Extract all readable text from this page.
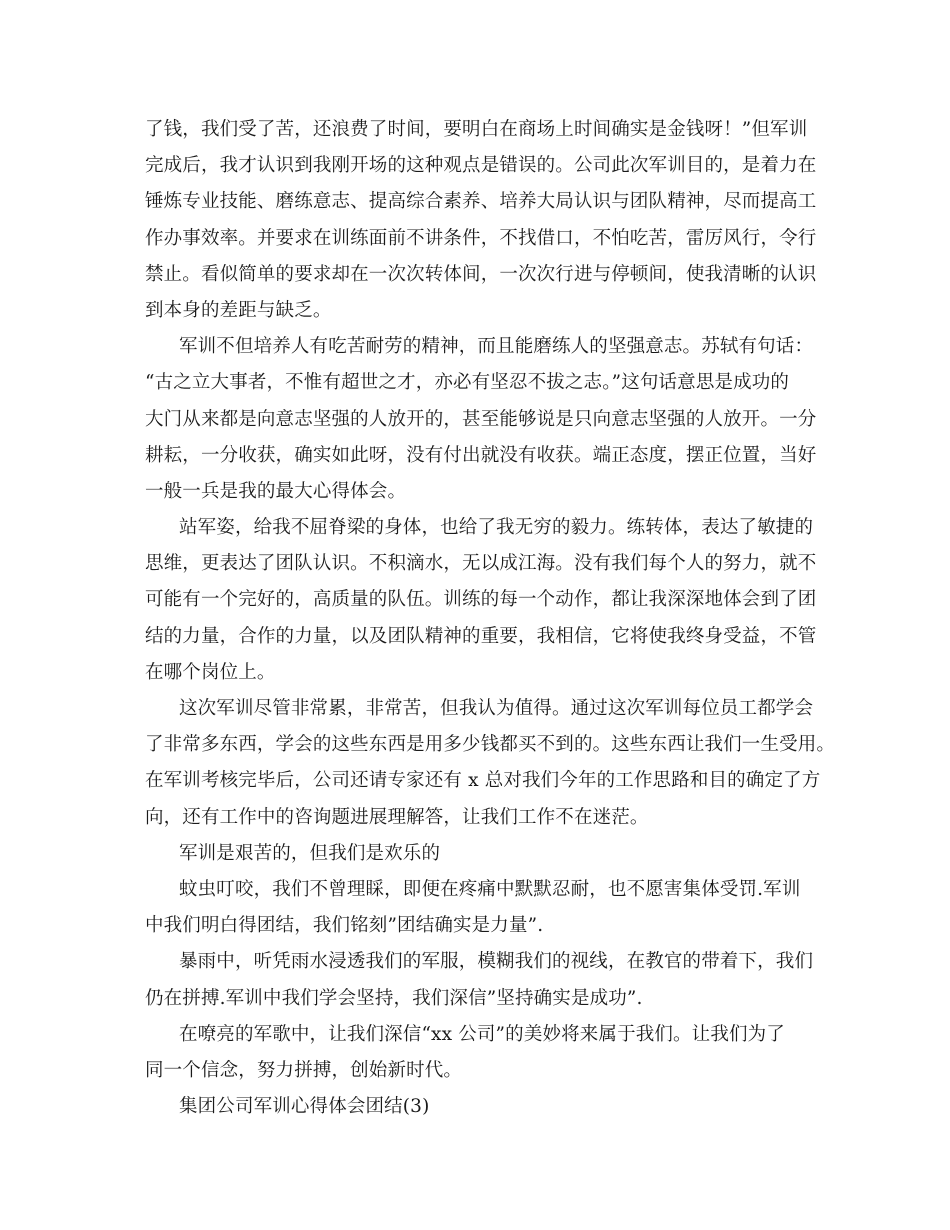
了钱，我们受了苦，还浪费了时间，要明白在商场上时间确实是金钱呀！”但军训
完成后，我才认识到我刚开场的这种观点是错误的。公司此次军训目的，是着力在
锤炼专业技能、磨练意志、提高综合素养、培养大局认识与团队精神，尽而提高工
作办事效率。并要求在训练面前不讲条件，不找借口，不怕吃苦，雷厉风行，令行
禁止。看似简单的要求却在一次次转体间，一次次行进与停顿间，使我清晰的认识
到本身的差距与缺乏。
军训不但培养人有吃苦耐劳的精神，而且能磨练人的坚强意志。苏轼有句话：
“古之立大事者，不惟有超世之才，亦必有坚忍不拔之志。”这句话意思是成功的
大门从来都是向意志坚强的人放开的，甚至能够说是只向意志坚强的人放开。一分
耕耘，一分收获，确实如此呀，没有付出就没有收获。端正态度，摆正位置，当好
一般一兵是我的最大心得体会。
站军姿，给我不屈脊梁的身体，也给了我无穷的毅力。练转体，表达了敏捷的
思维，更表达了团队认识。不积滴水，无以成江海。没有我们每个人的努力，就不
可能有一个完好的，高质量的队伍。训练的每一个动作，都让我深深地体会到了团
结的力量，合作的力量，以及团队精神的重要，我相信，它将使我终身受益，不管
在哪个岗位上。
这次军训尽管非常累，非常苦，但我认为值得。通过这次军训每位员工都学会
了非常多东西，学会的这些东西是用多少钱都买不到的。这些东西让我们一生受用。
在军训考核完毕后，公司还请专家还有 x 总对我们今年的工作思路和目的确定了方
向，还有工作中的咨询题进展理解答，让我们工作不在迷茫。
军训是艰苦的，但我们是欢乐的
蚊虫叮咬，我们不曾理睬，即便在疼痛中默默忍耐，也不愿害集体受罚.军训
中我们明白得团结，我们铭刻”团结确实是力量”.
暴雨中，听凭雨水浸透我们的军服，模糊我们的视线，在教官的带着下，我们
仍在拼搏.军训中我们学会坚持，我们深信”坚持确实是成功”.
在嘹亮的军歌中，让我们深信“xx 公司”的美妙将来属于我们。让我们为了
同一个信念，努力拼搏，创始新时代。
集团公司军训心得体会团结(3)
